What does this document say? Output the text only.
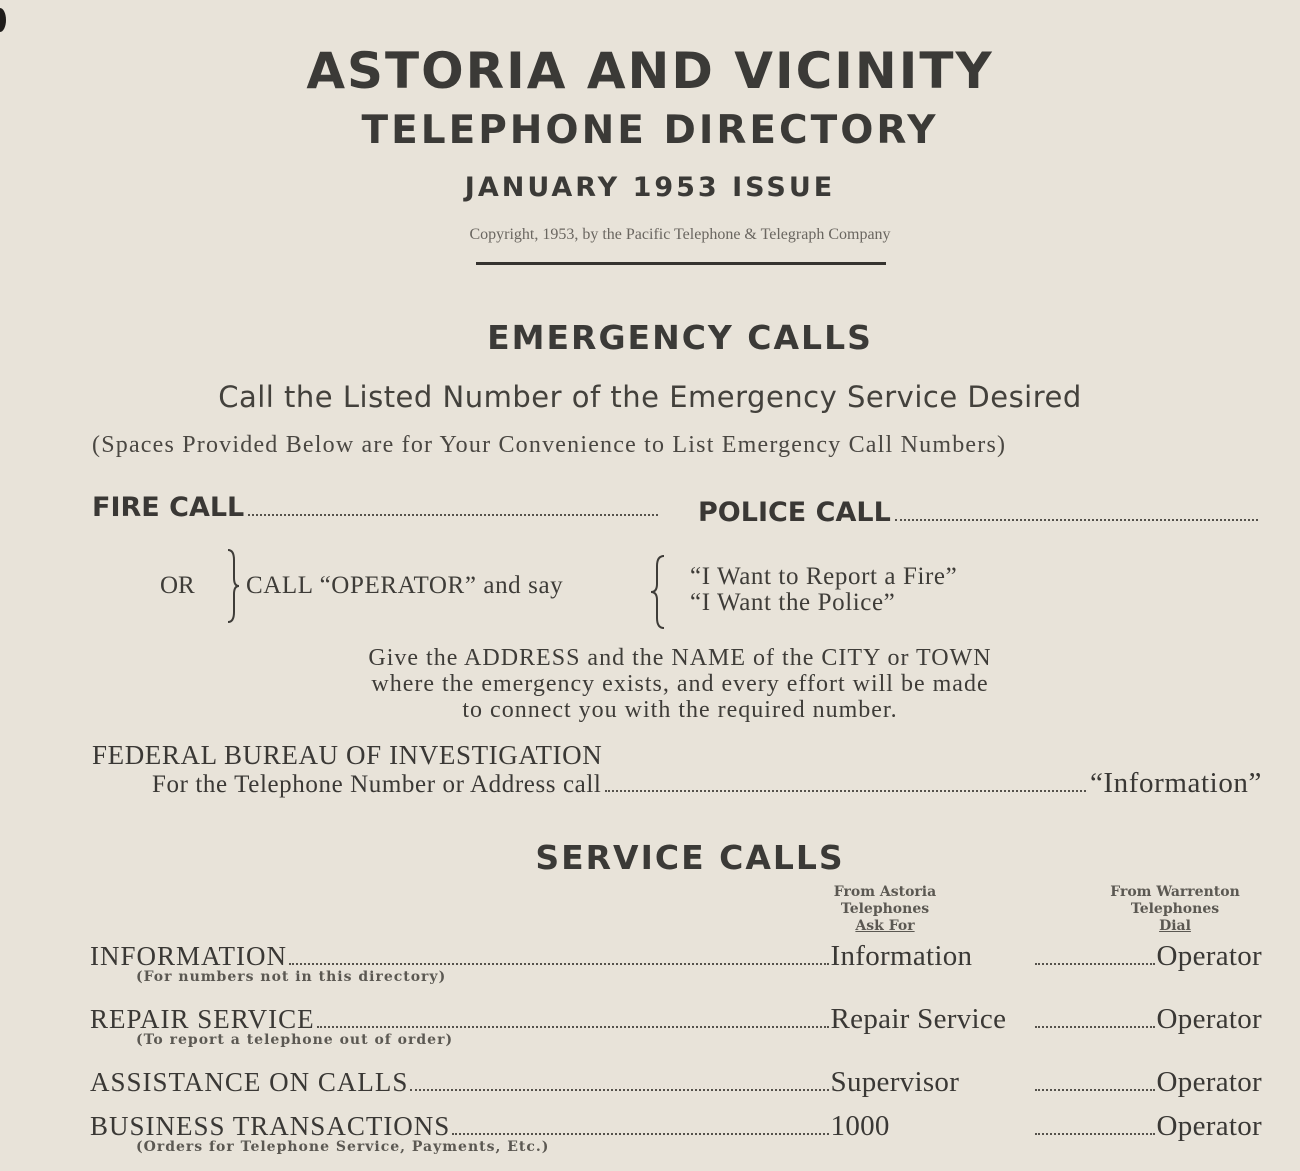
ASTORIA AND VICINITY
TELEPHONE DIRECTORY
JANUARY 1953 ISSUE
Copyright, 1953, by the Pacific Telephone & Telegraph Company
EMERGENCY CALLS
Call the Listed Number of the Emergency Service Desired
(Spaces Provided Below are for Your Convenience to List Emergency Call Numbers)
FIRE CALL	POLICE CALL
OR CALL “OPERATOR” and say	“I Want to Report a Fire”
“I Want the Police”
Give the ADDRESS and the NAME of the CITY or TOWN
where the emergency exists, and every effort will be made
to connect you with the required number.
FEDERAL BUREAU OF INVESTIGATION
For the Telephone Number or Address call	“Information”
SERVICE CALLS
From Astoria
Telephones
Ask For
From Warrenton
Telephones
Dial
INFORMATION	Information	Operator
(For numbers not in this directory)
REPAIR SERVICE	Repair Service	Operator
(To report a telephone out of order)
ASSISTANCE ON CALLS	Supervisor	Operator
BUSINESS TRANSACTIONS	1000	Operator
(Orders for Telephone Service, Payments, Etc.)
